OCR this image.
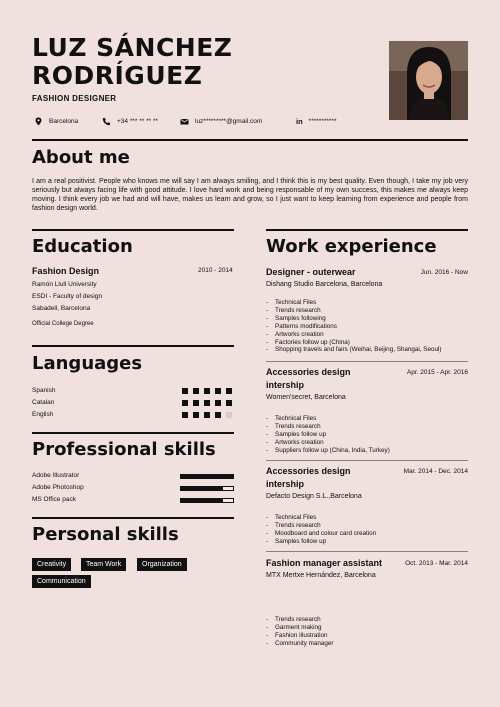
LUZ SÁNCHEZ
RODRÍGUEZ
FASHION DESIGNER
Barcelona	+34 *** ** ** **	luz*********@gmail.com	in ***********
About me
I am a real positivist. People who knows me will say I am always smiling, and I think this is my best quality. Even though, I take my job very seriously but always facing life with good attitude. I love hard work and being responsable of my own success, this makes me always keep moving. I think every job we had and will have, makes us learn and grow, so I just want to keep learning from experience and people from fashion design world.
Education
Fashion Design	2010 - 2014
Ramón Llull University
ESDI - Faculty of design
Sabadell, Barcelona
Official College Degree
Languages
Spanish
Catalan
English
Professional skills
Adobe Illustrator
Adobe Photoshop
MS Office pack
Personal skills
Creativity	Team Work	Organization
Communication
Work experience
Designer - outerwear	Jun. 2016 - Now
Dishang Studio Barcelona, Barcelona
- Technical Files
- Trends research
- Samples following
- Patterns modifications
- Artworks creation
- Factories follow up (China)
- Shopping travels and fairs (Weihai, Beijing, Shangai, Seoul)
Accessories design intership
Apr. 2015 - Apr. 2016
Women'secret, Barcelona
- Technical Files
- Trends research
- Samples follow up
- Artworks creation
- Suppliers follow up (China, India, Turkey)
Accessories design intership
Mar. 2014 - Dec. 2014
Defacto Design S.L.,Barcelona
- Technical Files
- Trends research
- Moodboard and colour card creation
- Samples follow up
Fashion manager assistant	Oct. 2013 - Mar. 2014
MTX Mertxe Hernández, Barcelona
- Trends research
- Garment making
- Fashion illustration
- Community manager
